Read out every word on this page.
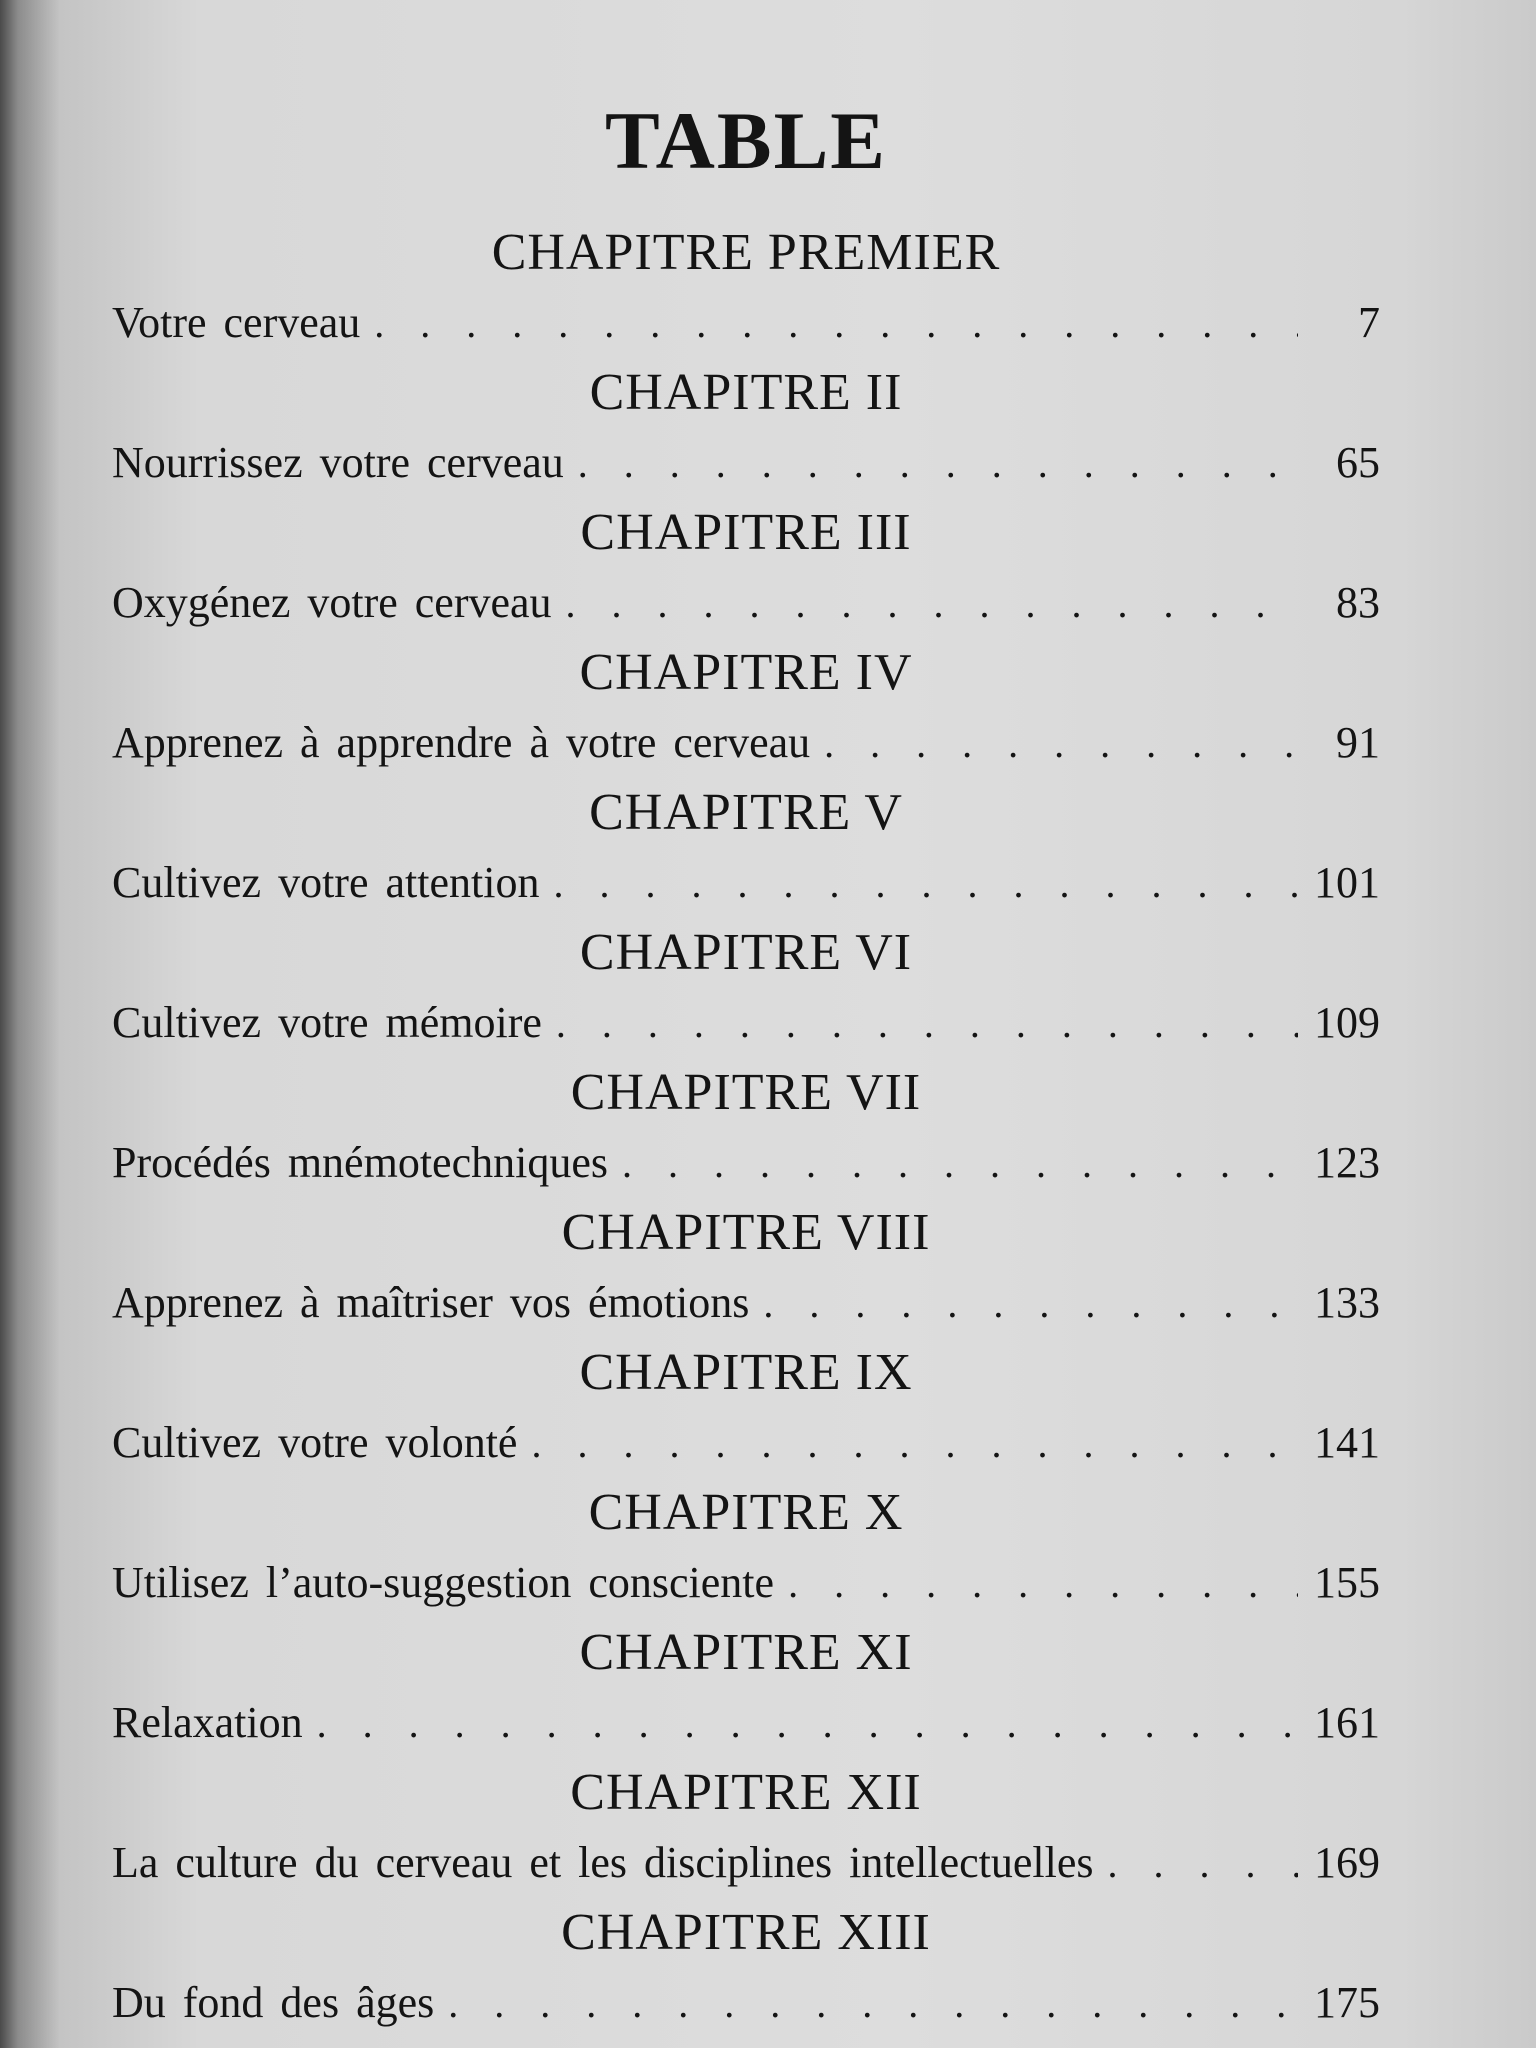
TABLE
CHAPITRE PREMIER
Votre cerveau . . .	7
CHAPITRE II
Nourrissez votre cerveau . . .	65
CHAPITRE III
Oxygénez votre cerveau . . .	83
CHAPITRE IV
Apprenez à apprendre à votre cerveau . . .	91
CHAPITRE V
Cultivez votre attention . . .	101
CHAPITRE VI
Cultivez votre mémoire . . .	109
CHAPITRE VII
Procédés mnémotechniques . . .	123
CHAPITRE VIII
Apprenez à maîtriser vos émotions . . .	133
CHAPITRE IX
Cultivez votre volonté . . .	141
CHAPITRE X
Utilisez l’auto-suggestion consciente . . .	155
CHAPITRE XI
Relaxation . . .	161
CHAPITRE XII
La culture du cerveau et les disciplines intellectuelles . . .	169
CHAPITRE XIII
Du fond des âges . . .	175
